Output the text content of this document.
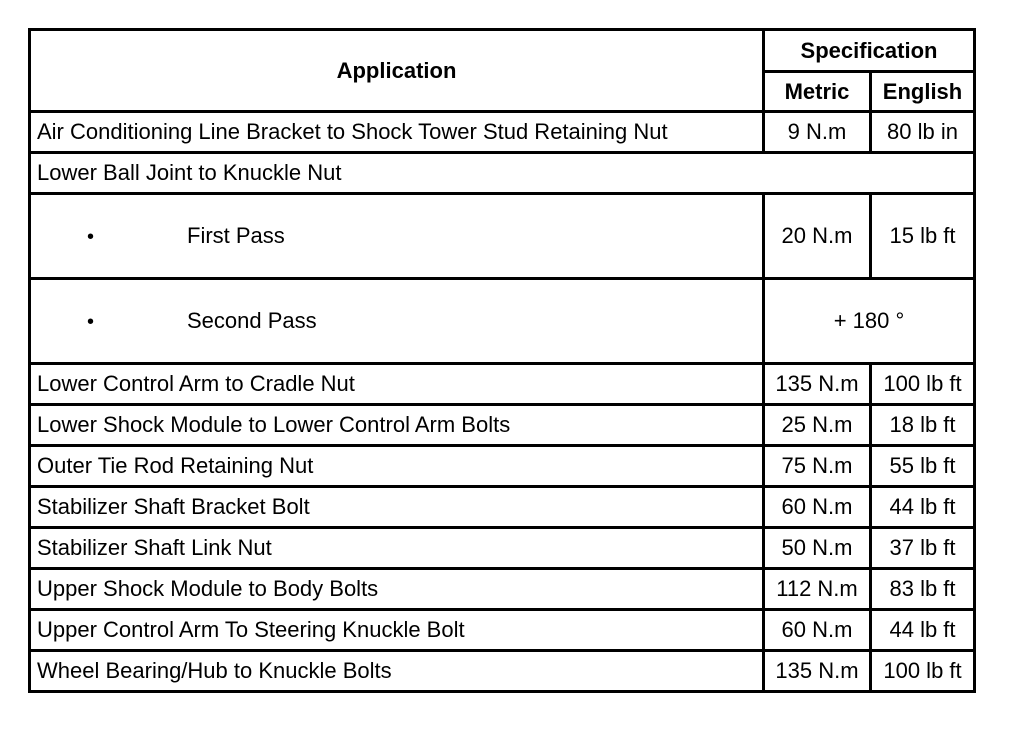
Application	Specification	
	Metric	English
Air Conditioning Line Bracket to Shock Tower Stud Retaining Nut	9 N.m	80 lb in
Lower Ball Joint to Knuckle Nut		
• First Pass	20 N.m	15 lb ft
• Second Pass	+ 180 °	
Lower Control Arm to Cradle Nut	135 N.m	100 lb ft
Lower Shock Module to Lower Control Arm Bolts	25 N.m	18 lb ft
Outer Tie Rod Retaining Nut	75 N.m	55 lb ft
Stabilizer Shaft Bracket Bolt	60 N.m	44 lb ft
Stabilizer Shaft Link Nut	50 N.m	37 lb ft
Upper Shock Module to Body Bolts	112 N.m	83 lb ft
Upper Control Arm To Steering Knuckle Bolt	60 N.m	44 lb ft
Wheel Bearing/Hub to Knuckle Bolts	135 N.m	100 lb ft
